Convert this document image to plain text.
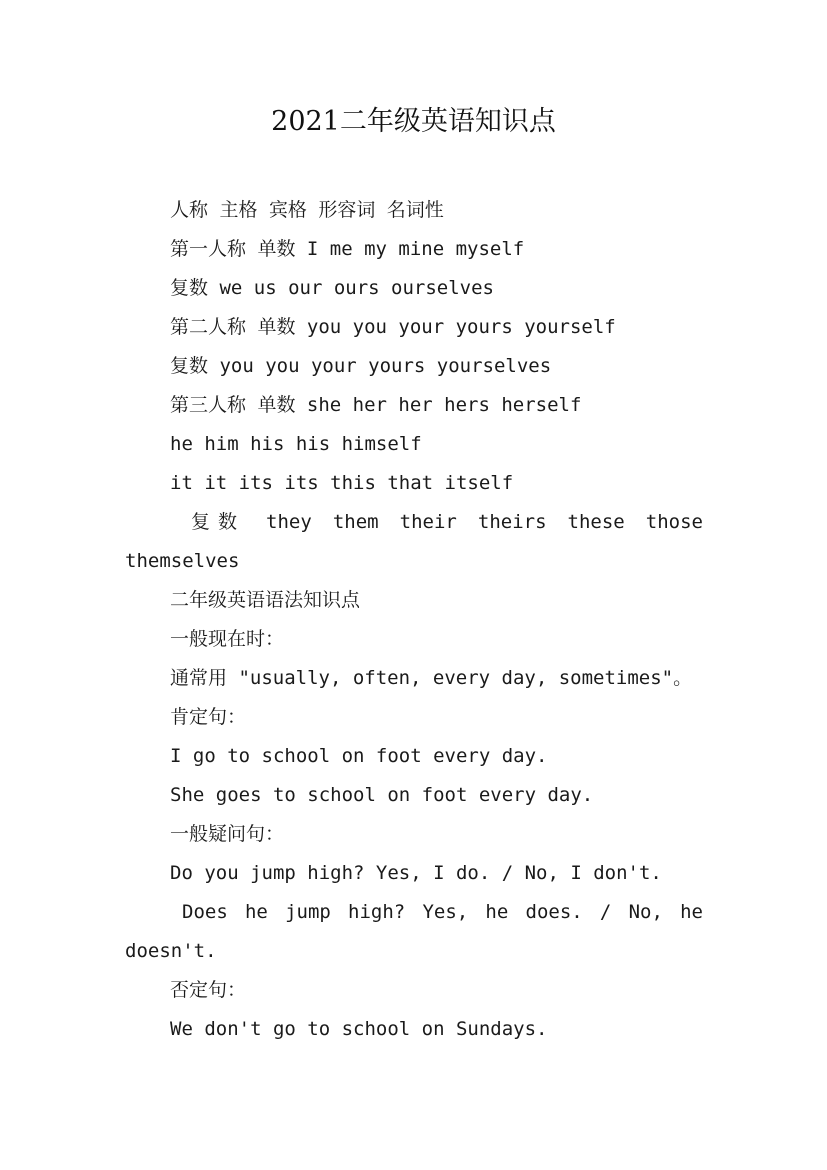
2021二年级英语知识点
人称 主格 宾格 形容词 名词性
第一人称 单数 I me my mine myself
复数 we us our ours ourselves
第二人称 单数 you you your yours yourself
复数 you you your yours yourselves
第三人称 单数 she her her hers herself
he him his his himself
it it its its this that itself
复数 they them their theirs these those
themselves
二年级英语语法知识点
一般现在时：
通常用 "usually, often, every day, sometimes"。
肯定句：
I go to school on foot every day.
She goes to school on foot every day.
一般疑问句：
Do you jump high? Yes, I do. / No, I don't.
Does he jump high? Yes, he does. / No, he
doesn't.
否定句：
We don't go to school on Sundays.
